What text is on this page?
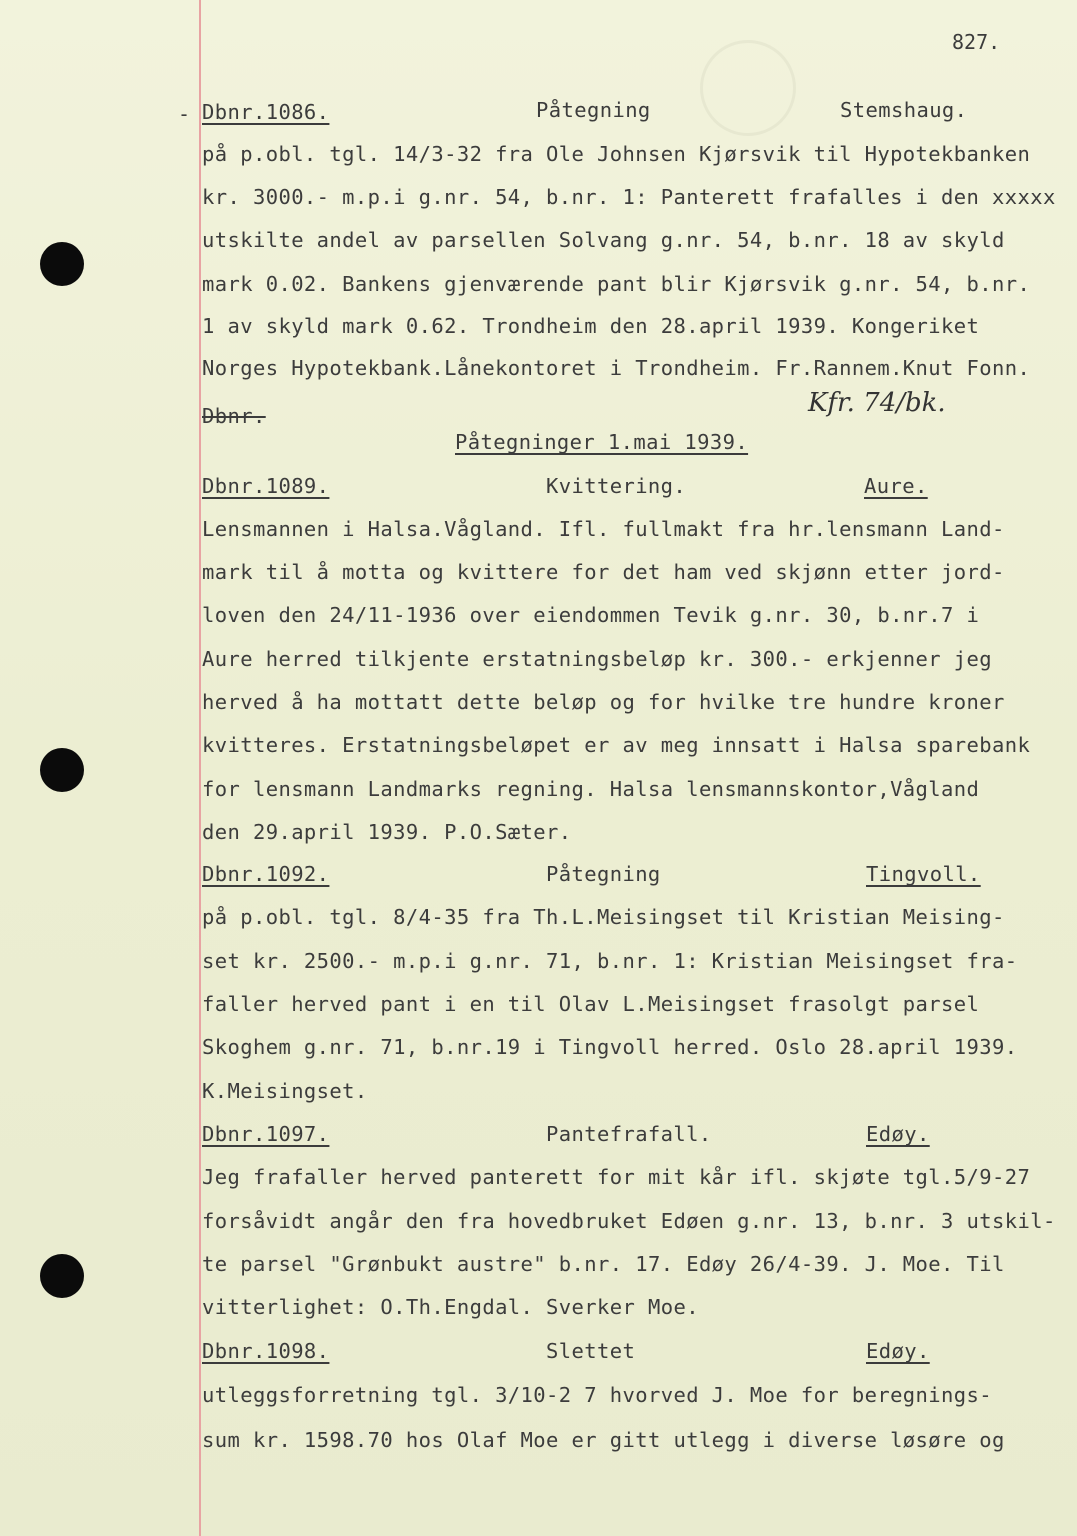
827.
- Dbnr.1086.	Påtegning	Stemshaug.
på p.obl. tgl. 14/3-32 fra Ole Johnsen Kjørsvik til Hypotekbanken
kr. 3000.- m.p.i g.nr. 54, b.nr. 1: Panterett frafalles i den xxxxx
utskilte andel av parsellen Solvang g.nr. 54, b.nr. 18 av skyld
mark 0.02. Bankens gjenværende pant blir Kjørsvik g.nr. 54, b.nr.
1 av skyld mark 0.62. Trondheim den 28.april 1939. Kongeriket
Norges Hypotekbank.Lånekontoret i Trondheim. Fr.Rannem.Knut Fonn.
Dbnr.	Kfr. 74/bk.
Påtegninger 1.mai 1939.
Dbnr.1089.	Kvittering.	Aure.
Lensmannen i Halsa.Vågland. Ifl. fullmakt fra hr.lensmann Land-
mark til å motta og kvittere for det ham ved skjønn etter jord-
loven den 24/11-1936 over eiendommen Tevik g.nr. 30, b.nr.7 i
Aure herred tilkjente erstatningsbeløp kr. 300.- erkjenner jeg
herved å ha mottatt dette beløp og for hvilke tre hundre kroner
kvitteres. Erstatningsbeløpet er av meg innsatt i Halsa sparebank
for lensmann Landmarks regning. Halsa lensmannskontor,Vågland
den 29.april 1939. P.O.Sæter.
Dbnr.1092.	Påtegning	Tingvoll.
på p.obl. tgl. 8/4-35 fra Th.L.Meisingset til Kristian Meising-
set kr. 2500.- m.p.i g.nr. 71, b.nr. 1: Kristian Meisingset fra-
faller herved pant i en til Olav L.Meisingset frasolgt parsel
Skoghem g.nr. 71, b.nr.19 i Tingvoll herred. Oslo 28.april 1939.
K.Meisingset.
Dbnr.1097.	Pantefrafall.	Edøy.
Jeg frafaller herved panterett for mit kår ifl. skjøte tgl.5/9-27
forsåvidt angår den fra hovedbruket Edøen g.nr. 13, b.nr. 3 utskil-
te parsel "Grønbukt austre" b.nr. 17. Edøy 26/4-39. J. Moe. Til
vitterlighet: O.Th.Engdal. Sverker Moe.
Dbnr.1098.	Slettet	Edøy.
utleggsforretning tgl. 3/10-2 7 hvorved J. Moe for beregnings-
sum kr. 1598.70 hos Olaf Moe er gitt utlegg i diverse løsøre og
